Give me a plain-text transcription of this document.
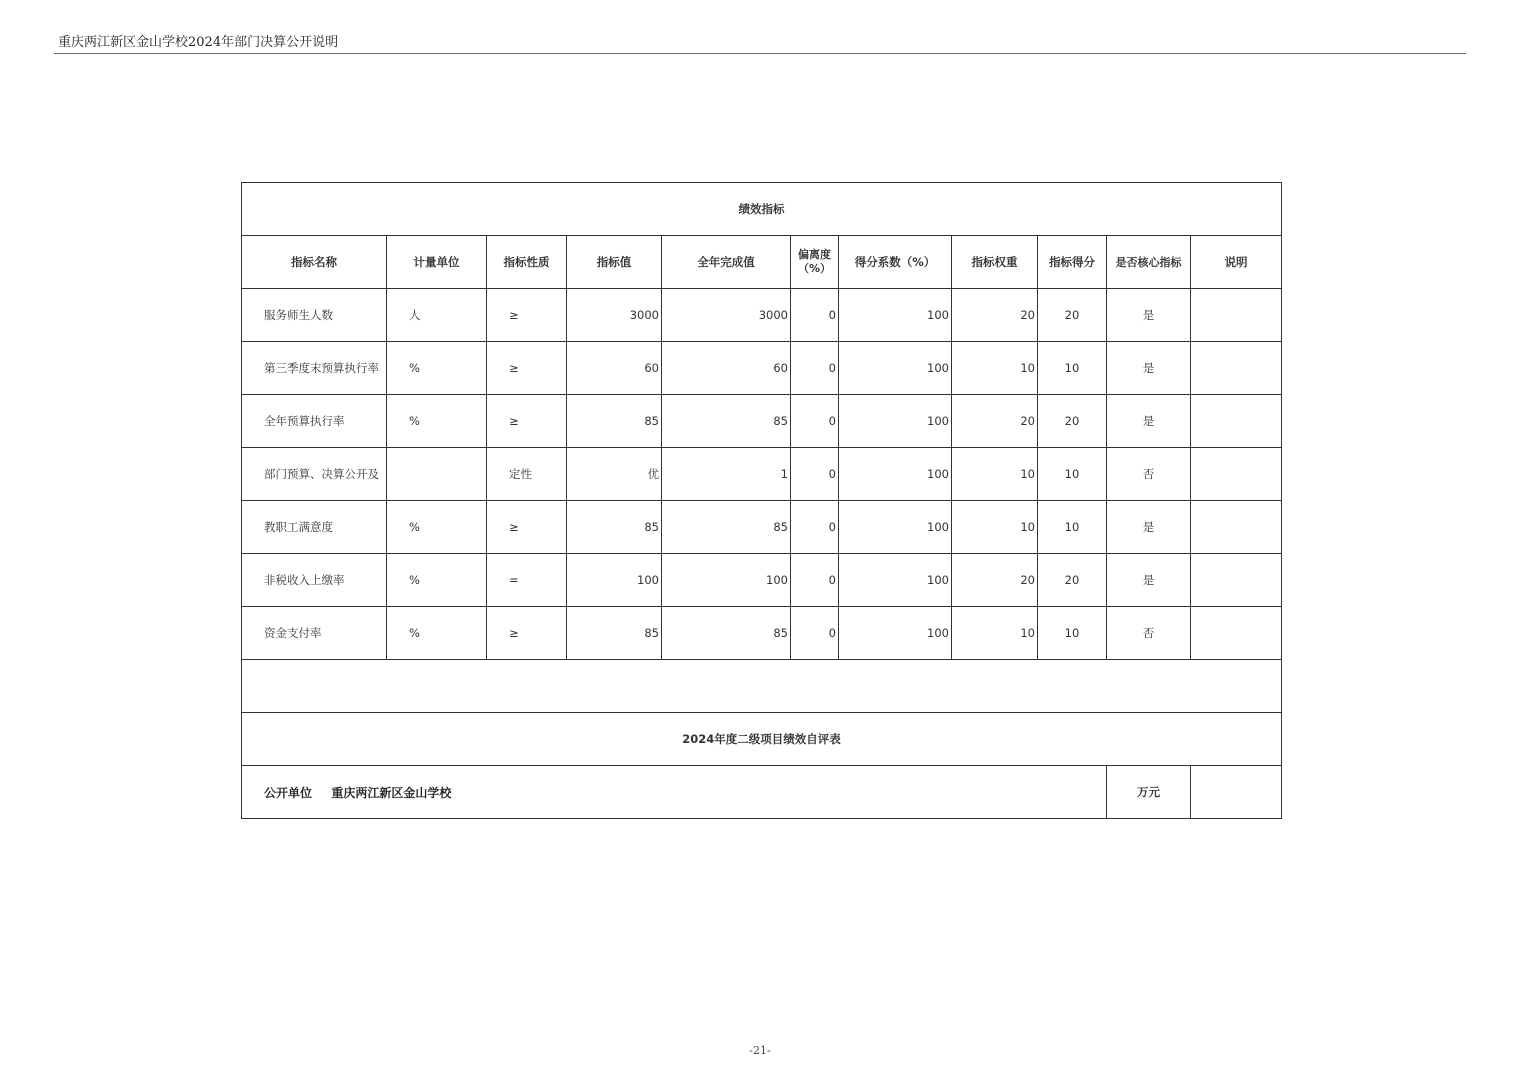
重庆两江新区金山学校2024年部门决算公开说明
绩效指标										
指标名称	计量单位	指标性质	指标值	全年完成值	偏离度（%）	得分系数（%）	指标权重	指标得分	是否核心指标	说明
服务师生人数	人	≥	3000	3000	0	100	20	20	是	
第三季度末预算执行率	%	≥	60	60	0	100	10	10	是	
全年预算执行率	%	≥	85	85	0	100	20	20	是	
部门预算、决算公开及		定性	优	1	0	100	10	10	否	
教职工满意度	%	≥	85	85	0	100	10	10	是	
非税收入上缴率	%	=	100	100	0	100	20	20	是	
资金支付率	%	≥	85	85	0	100	10	10	否	

2024年度二级项目绩效自评表										
公开单位 重庆两江新区金山学校									万元	
-21-
